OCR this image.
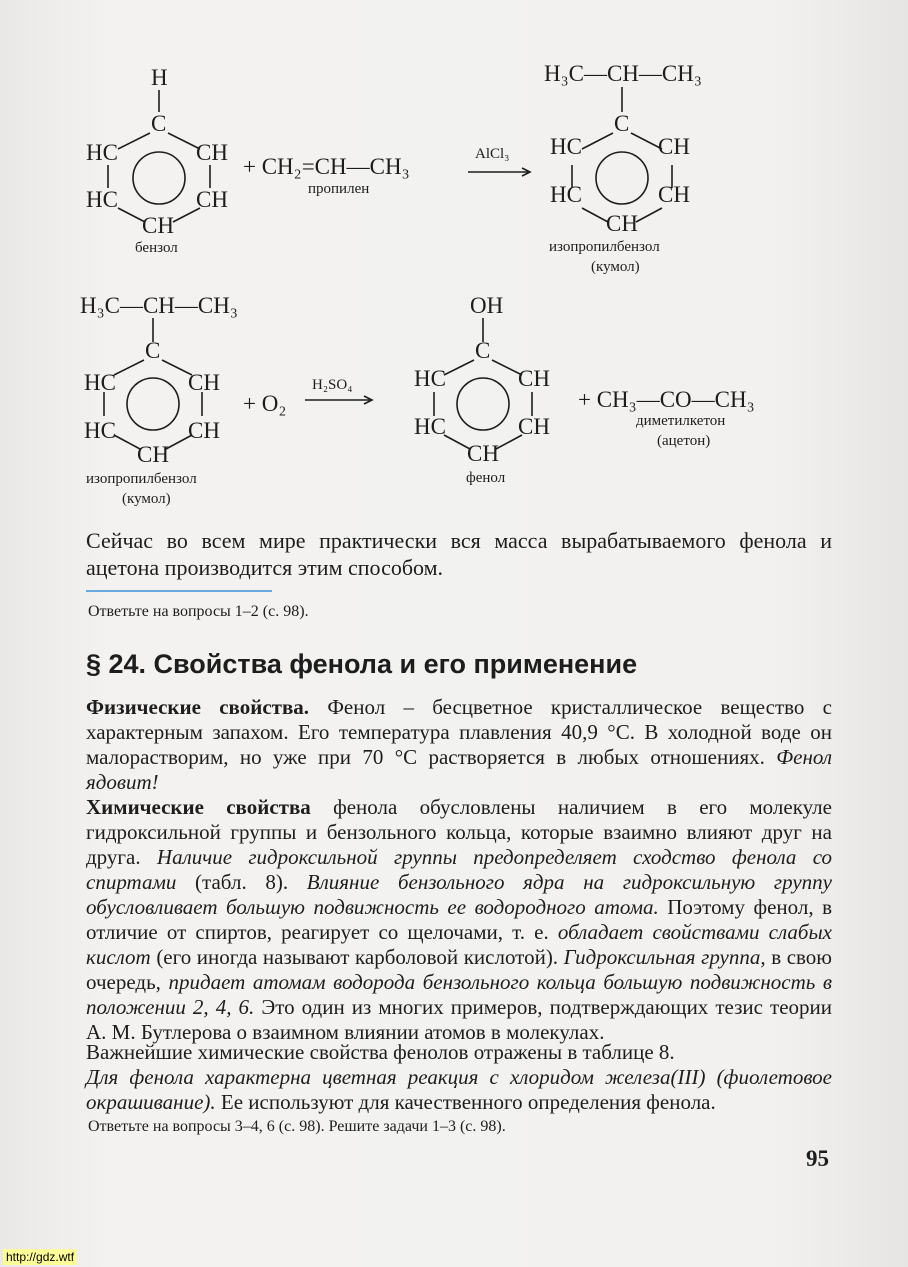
H
C
HC	CH
HC	CH
CH
бензол
+ CH₂=CH—CH₃
пропилен
AlCl₃
H₃C—CH—CH₃
C
HC	CH
HC	CH
CH
изопропилбензол
(кумол)
H₃C—CH—CH₃
C
HC	CH
HC	CH
CH
изопропилбензол
(кумол)
+ O₂
H₂SO₄
OH
C
HC	CH
HC	CH
CH
фенол
+ CH₃—CO—CH₃
диметилкетон
(ацетон)

Сейчас во всем мире практически вся масса вырабатываемого фенола и ацетона производится этим способом.

Ответьте на вопросы 1–2 (с. 98).
§ 24. Свойства фенола и его применение

Физические свойства. Фенол – бесцветное кристаллическое вещество с характерным запахом. Его температура плавления 40,9 °C. В холодной воде он малорастворим, но уже при 70 °C растворяется в любых отношениях. Фенол ядовит!

Химические свойства фенола обусловлены наличием в его молекуле гидроксильной группы и бензольного кольца, которые взаимно влияют друг на друга. Наличие гидроксильной группы предопределяет сходство фенола со спиртами (табл. 8). Влияние бензольного ядра на гидроксильную группу обусловливает большую подвижность ее водородного атома. Поэтому фенол, в отличие от спиртов, реагирует со щелочами, т. е. обладает свойствами слабых кислот (его иногда называют карболовой кислотой). Гидроксильная группа, в свою очередь, придает атомам водорода бензольного кольца большую подвижность в положении 2, 4, 6. Это один из многих примеров, подтверждающих тезис теории А. М. Бутлерова о взаимном влиянии атомов в молекулах.

Важнейшие химические свойства фенолов отражены в таблице 8.

Для фенола характерна цветная реакция с хлоридом железа(III) (фиолетовое окрашивание). Ее используют для качественного определения фенола.

Ответьте на вопросы 3–4, 6 (с. 98). Решите задачи 1–3 (с. 98).
95
http://gdz.wtf
